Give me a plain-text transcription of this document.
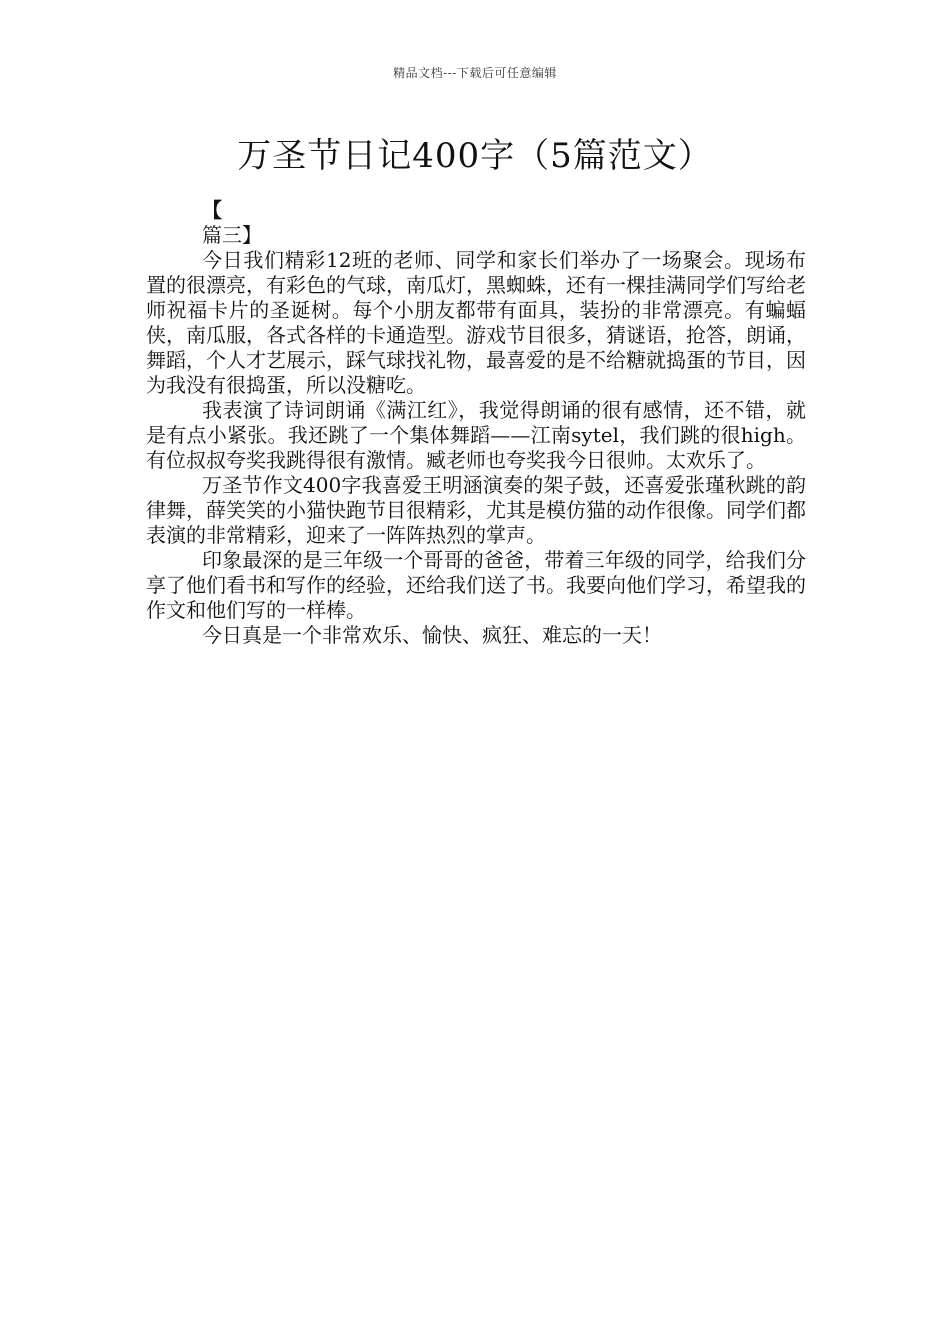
精品文档---下载后可任意编辑
万圣节日记400字（5篇范文）

【

篇三】

今日我们精彩12班的老师、同学和家长们举办了一场聚会。现场布置的很漂亮，有彩色的气球，南瓜灯，黑蜘蛛，还有一棵挂满同学们写给老师祝福卡片的圣诞树。每个小朋友都带有面具，装扮的非常漂亮。有蝙蝠侠，南瓜服，各式各样的卡通造型。游戏节目很多，猜谜语，抢答，朗诵，舞蹈，个人才艺展示，踩气球找礼物，最喜爱的是不给糖就捣蛋的节目，因为我没有很捣蛋，所以没糖吃。

我表演了诗词朗诵《满江红》，我觉得朗诵的很有感情，还不错，就是有点小紧张。我还跳了一个集体舞蹈——江南sytel，我们跳的很high。有位叔叔夸奖我跳得很有激情。臧老师也夸奖我今日很帅。太欢乐了。

万圣节作文400字我喜爱王明涵演奏的架子鼓，还喜爱张瑾秋跳的韵律舞，薛笑笑的小猫快跑节目很精彩，尤其是模仿猫的动作很像。同学们都表演的非常精彩，迎来了一阵阵热烈的掌声。

印象最深的是三年级一个哥哥的爸爸，带着三年级的同学，给我们分享了他们看书和写作的经验，还给我们送了书。我要向他们学习，希望我的作文和他们写的一样棒。

今日真是一个非常欢乐、愉快、疯狂、难忘的一天！
